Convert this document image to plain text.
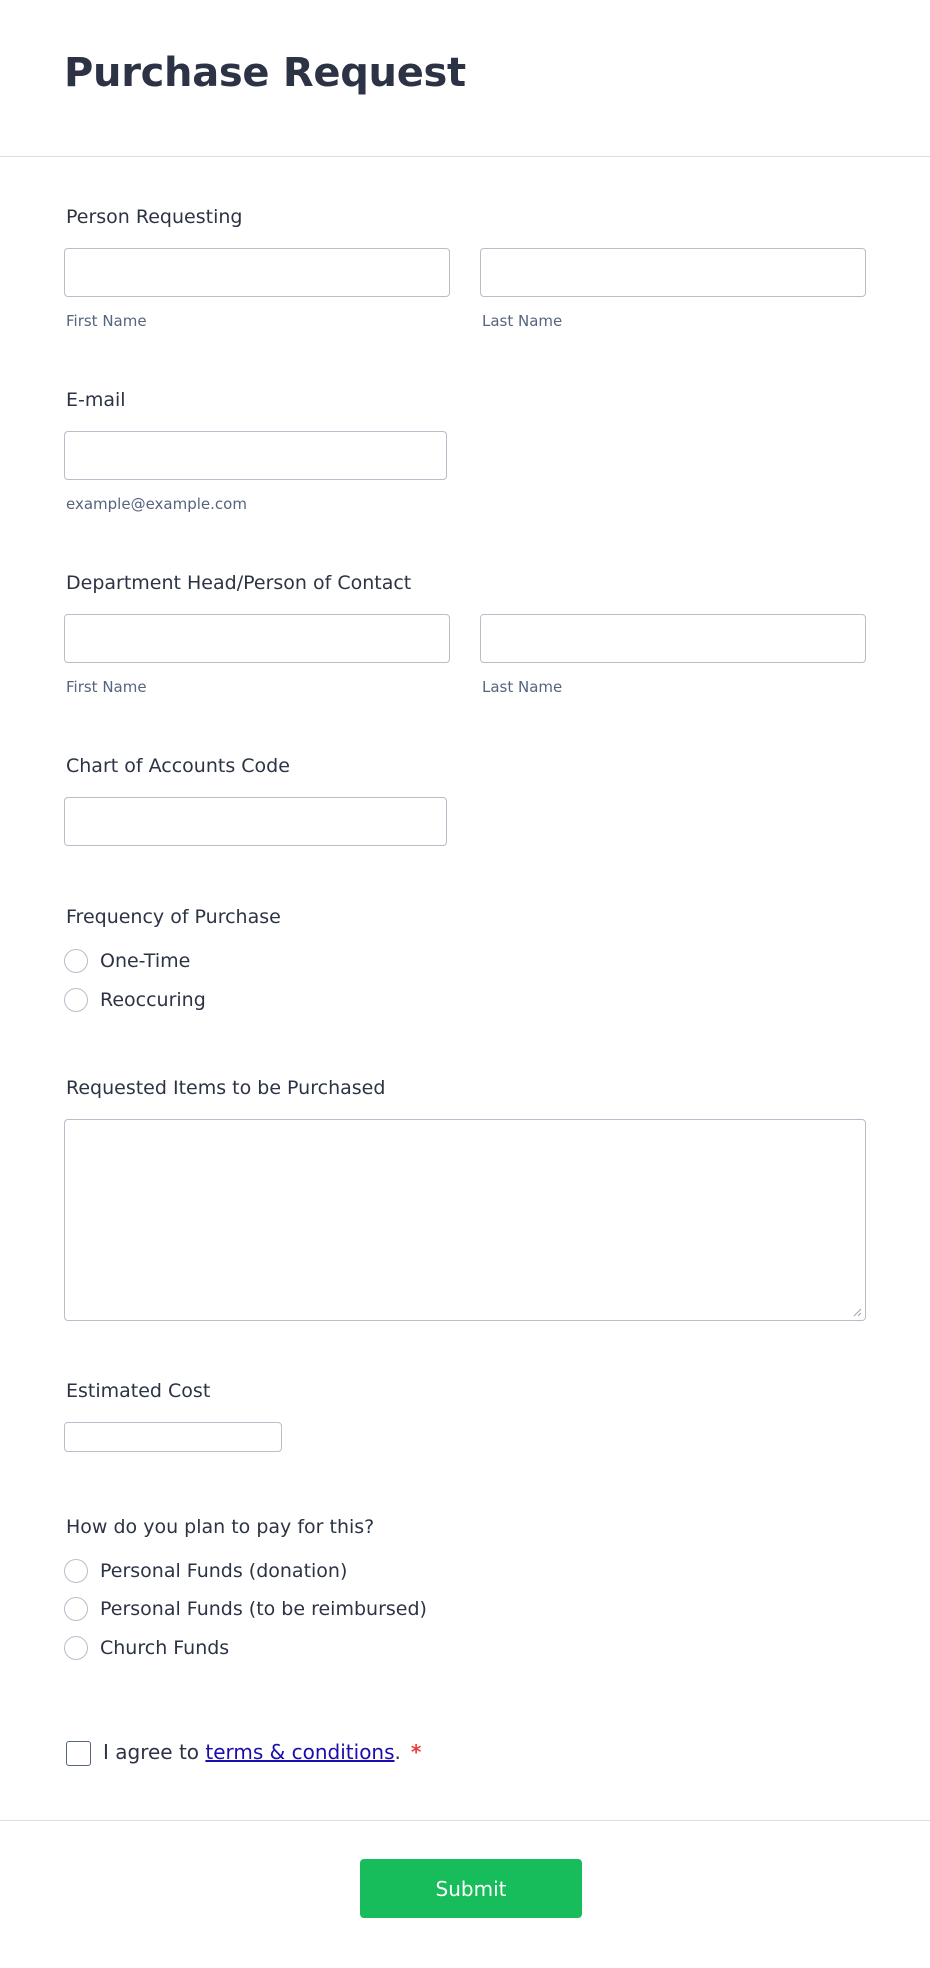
Purchase Request
Person Requesting
First Name	Last Name
E-mail
example@example.com
Department Head/Person of Contact
First Name	Last Name
Chart of Accounts Code
Frequency of Purchase
One-Time
Reoccuring
Requested Items to be Purchased
Estimated Cost
How do you plan to pay for this?
Personal Funds (donation)
Personal Funds (to be reimbursed)
Church Funds
I agree to terms & conditions. *
Submit
